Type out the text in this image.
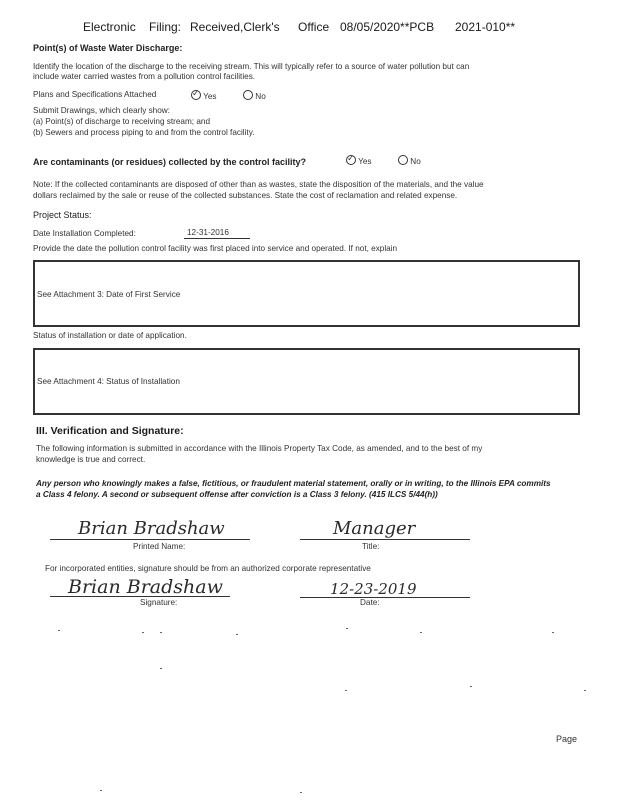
Electronic Filing: Received,Clerk's Office 08/05/2020**PCB 2021-010**
Point(s) of Waste Water Discharge:
Identify the location of the discharge to the receiving stream. This will typically refer to a source of water pollution but can
include water carried wastes from a pollution control facilities.
Plans and Specifications Attached ✓	Yes	No
Submit Drawings, which clearly show:
(a) Point(s) of discharge to receiving stream; and
(b) Sewers and process piping to and from the control facility.
Are contaminants (or residues) collected by the control facility? ✓	Yes	No
Note: If the collected contaminants are disposed of other than as wastes, state the disposition of the materials, and the value
dollars reclaimed by the sale or reuse of the collected substances. State the cost of reclamation and related expense.
Project Status:
Date Installation Completed:	12-31-2016
Provide the date the pollution control facility was first placed into service and operated. If not, explain
See Attachment 3: Date of First Service
Status of installation or date of application.
See Attachment 4: Status of Installation
III. Verification and Signature:
The following information is submitted in accordance with the Illinois Property Tax Code, as amended, and to the best of my
knowledge is true and correct.
Any person who knowingly makes a false, fictitious, or fraudulent material statement, orally or in writing, to the Illinois EPA commits a Class 4 felony. A second or subsequent offense after conviction is a Class 3 felony. (415 ILCS 5/44(h))
Brian Bradshaw
Printed Name:
Manager
Title:
For incorporated entities, signature should be from an authorized corporate representative
Brian Bradshaw
Signature:
12-23-2019
Date:
Page
